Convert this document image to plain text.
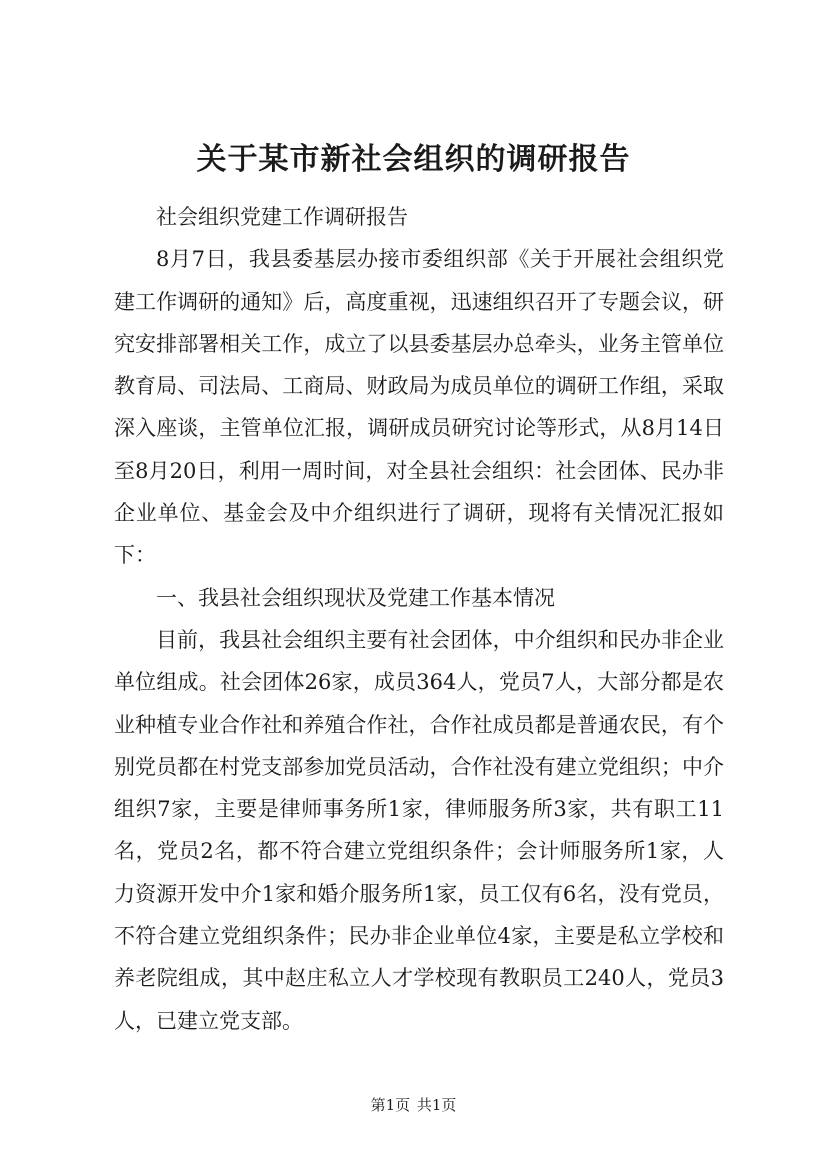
关于某市新社会组织的调研报告

社会组织党建工作调研报告

8月7日，我县委基层办接市委组织部《关于开展社会组织党建工作调研的通知》后，高度重视，迅速组织召开了专题会议，研究安排部署相关工作，成立了以县委基层办总牵头，业务主管单位教育局、司法局、工商局、财政局为成员单位的调研工作组，采取深入座谈，主管单位汇报，调研成员研究讨论等形式，从8月14日至8月20日，利用一周时间，对全县社会组织：社会团体、民办非企业单位、基金会及中介组织进行了调研，现将有关情况汇报如下：

一、我县社会组织现状及党建工作基本情况

目前，我县社会组织主要有社会团体，中介组织和民办非企业单位组成。社会团体26家，成员364人，党员7人，大部分都是农业种植专业合作社和养殖合作社，合作社成员都是普通农民，有个别党员都在村党支部参加党员活动，合作社没有建立党组织；中介组织7家，主要是律师事务所1家，律师服务所3家，共有职工11名，党员2名，都不符合建立党组织条件；会计师服务所1家，人力资源开发中介1家和婚介服务所1家，员工仅有6名，没有党员，不符合建立党组织条件；民办非企业单位4家，主要是私立学校和养老院组成，其中赵庄私立人才学校现有教职员工240人，党员3人，已建立党支部。

第1页 共1页
